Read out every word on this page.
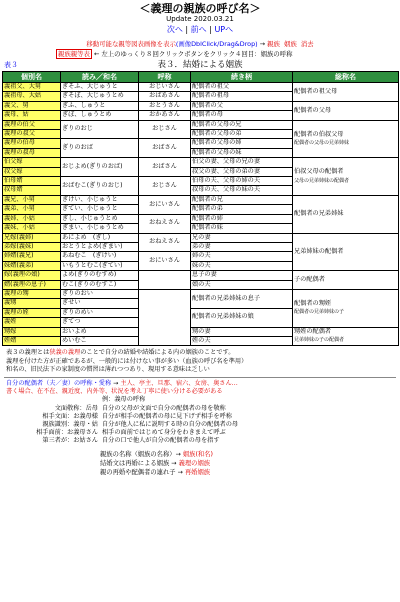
＜義理の親族の呼び名＞
Update 2020.03.21
次へ | 前へ | UPへ
移動可能な親等図表画像を表示(画像DblClick/Drag&Drop) → 親族 姻族 消去
親族親等表 ← 左上のゆっくり８回クリックボタンをクリック４回目：姻族の呼称
表３	表３．結婚による姻族
個別名	読み／和名	呼称	続き柄	総称名
義祖父、大舅	ぎそふ、大じゅうと	おじいさん	配偶者の祖父	配偶者の祖父母
義祖母、大姑	ぎそぼ、大じゅうとめ	おばあさん	配偶者の祖母	
義父、舅	ぎふ、しゅうと	おとうさん	配偶者の父	配偶者の父母
義母、姑	ぎぼ、しゅうとめ	おかあさん	配偶者の母	
義理の伯父	ぎりのおじ	おじさん	配偶者の父母の兄	配偶者の伯叔父母
配偶者の父母の兄弟姉妹

義理の叔父			配偶者の父母の弟	
義理の伯母	ぎりのおば	おばさん	配偶者の父母の姉	
義理の叔母			配偶者の父母の妹	
伯父嫁	おじよめ(ぎりのおば)	おばさん	伯父の妻、父母の兄の妻	伯叔父母の配偶者
父母の兄弟姉妹の配偶者

叔父嫁			叔父の妻、父母の弟の妻	
伯母婿	おばむこ(ぎりのおじ)	おじさん	伯母の夫、父母の姉の夫	
叔母婿			叔母の夫、父母の妹の夫	
義兄、小舅	ぎけい、小じゅうと	おにいさん	配偶者の兄	配偶者の兄弟姉妹
義弟、小舅	ぎてい、小じゅうと		配偶者の弟	
義姉、小姑	ぎし、小じゅうとめ	おねえさん	配偶者の姉	
義妹、小姑	ぎまい、小じゅうとめ		配偶者の妹	
兄嫁(義姉)	あによめ　(ぎし)	おねえさん	兄の妻	兄弟姉妹の配偶者
弟嫁(義妹)	おとうとよめ(ぎまい)		弟の妻	
姉婿(義兄)	あねむこ　(ぎけい)	おにいさん	姉の夫	
妹婿(義弟)	いもうとむこ(ぎてい)		妹の夫	
嫁(義理の娘)	よめ(ぎりのむすめ)		息子の妻	子の配偶者
婿(義理の息子)	むこ(ぎりのむすこ)		娘の夫	
義理の甥	ぎりのおい		配偶者の兄弟姉妹の息子	配偶者の甥姪
配偶者の兄弟姉妹の子

義甥	ぎせい			
義理の姪	ぎりのめい		配偶者の兄弟姉妹の娘	
義姪	ぎてつ			
甥嫁	おいよめ		甥の妻	甥姪の配偶者
兄弟姉妹の子の配偶者

姪婿	めいむこ		姪の夫	

表３の義理とは狭義の義理のことで自分の結婚や結婚による内の姻族のことです。

義理を付けた方が正確であるが、一般的には付けない事が多い（血族の呼び名を準用）

和名の、旧民法下の家制度の慣習は薄れつつあり、現用する意味は乏しい

自分の配偶者（夫／妻）の呼称・愛称 → 主人、亭主、旦那、宿六、女房、奥さん…
書く場合、在不在、親近度、内外等、状況を考え丁寧に使い分ける必要がある
例：義母の呼称
文面敬称：岳母 自分の父母が文面で自分の配偶者の母を敬称
相手文面：お義母様 自分が相手の配偶者の母に見下げず相手を呼称
親族識別：義母・姑 自分が他人に私に説明する時の自分の配偶者の母
相手面前：お義母さん 相手の面前ではじめて身分をわきまえて呼ぶ
第三者が：お姑さん 自分の口で他人が自分の配偶者の母を指す
親族の名称（姻族の名称）→ 姻族(和名)
結婚文は再婚による姻族 → 義理の姻族
親の再婚や配偶者の連れ子 → 再婚姻族
